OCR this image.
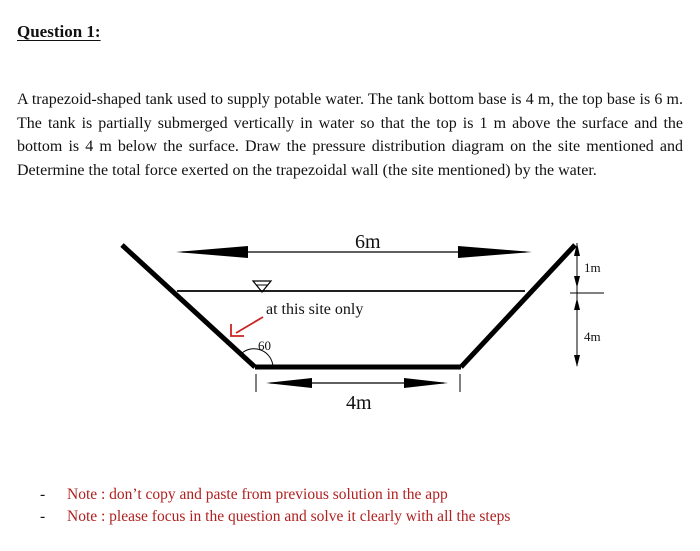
Question 1:

A trapezoid-shaped tank used to supply potable water. The tank bottom base is 4 m, the top base is 6 m. The tank is partially submerged vertically in water so that the top is 1 m above the surface and the bottom is 4 m below the surface. Draw the pressure distribution diagram on the site mentioned and Determine the total force exerted on the trapezoidal wall (the site mentioned) by the water.

6m
at this site only
60
4m
1m
4m
- Note : don’t copy and paste from previous solution in the app
- Note : please focus in the question and solve it clearly with all the steps
